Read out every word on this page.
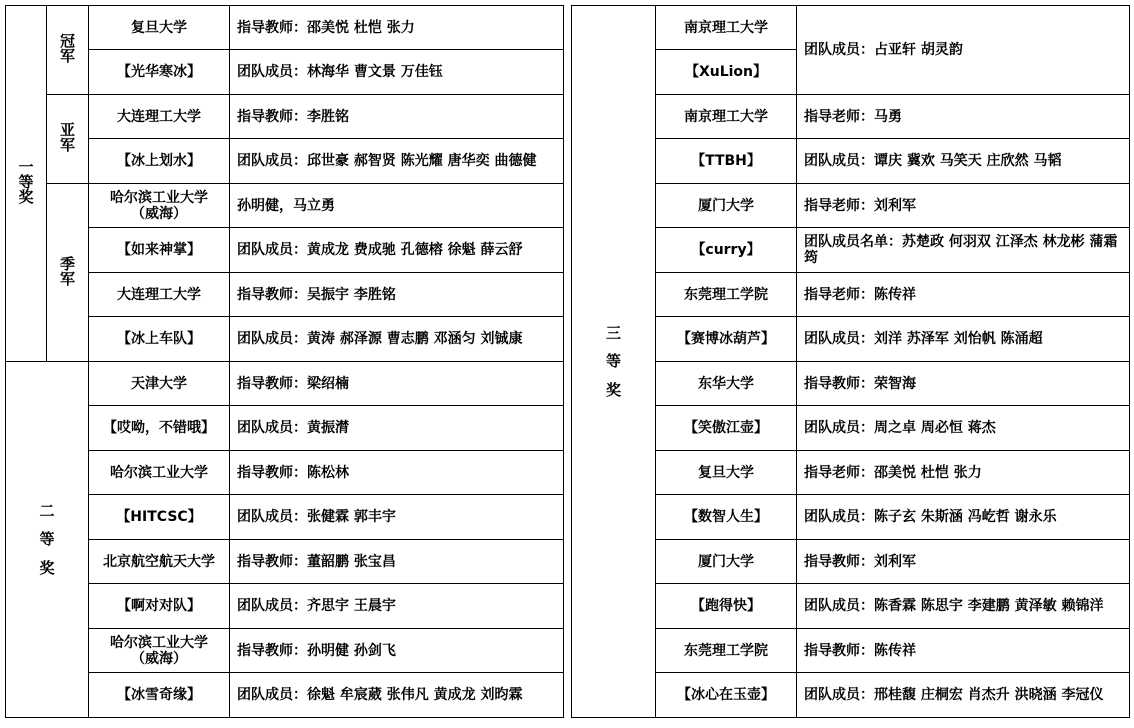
一
等
奖	冠
军	复旦大学	指导教师：邵美悦 杜恺 张力
		【光华寒冰】	团队成员：林海华 曹文景 万佳钰
	亚
军	大连理工大学	指导教师：李胜铭
		【冰上划水】	团队成员：邱世豪 郝智贤 陈光耀 唐华奕 曲德健
	季
军	哈尔滨工业大学
（威海）	孙明健，马立勇
		【如来神掌】	团队成员：黄成龙 费成驰 孔德榕 徐魁 薛云舒
		大连理工大学	指导教师：吴振宇 李胜铭
		【冰上车队】	团队成员：黄涛 郝泽源 曹志鹏 邓涵匀 刘铖康
二
等
奖		天津大学	指导教师：梁绍楠
		【哎呦，不错哦】	团队成员：黄振潸
		哈尔滨工业大学	指导教师：陈松林
		【HITCSC】	团队成员：张健霖 郭丰宇
		北京航空航天大学	指导教师：董韶鹏 张宝昌
		【啊对对队】	团队成员：齐思宇 王晨宇
		哈尔滨工业大学
（威海）	指导教师：孙明健 孙剑飞
		【冰雪奇缘】	团队成员：徐魁 牟宸葳 张伟凡 黄成龙 刘昀霖
三
等
奖	南京理工大学	团队成员：占亚轩 胡灵韵
	【XuLion】	
	南京理工大学	指导老师：马勇
	【TTBH】	团队成员：谭庆 冀欢 马笑天 庄欣然 马韬
	厦门大学	指导老师：刘利军
	【curry】	团队成员名单：苏楚政 何羽双 江泽杰 林龙彬 蒲霜筠
	东莞理工学院	指导老师：陈传祥
	【赛博冰葫芦】	团队成员：刘洋 苏泽军 刘怡帆 陈涌超
	东华大学	指导教师：荣智海
	【笑傲江壶】	团队成员：周之卓 周必恒 蒋杰
	复旦大学	指导老师：邵美悦 杜恺 张力
	【数智人生】	团队成员：陈子玄 朱斯涵 冯屹哲 谢永乐
	厦门大学	指导教师：刘利军
	【跑得快】	团队成员：陈香霖 陈思宇 李建鹏 黄泽敏 赖锦洋
	东莞理工学院	指导教师：陈传祥
	【冰心在玉壶】	团队成员：邢桂馥 庄桐宏 肖杰升 洪晓涵 李冠仪
